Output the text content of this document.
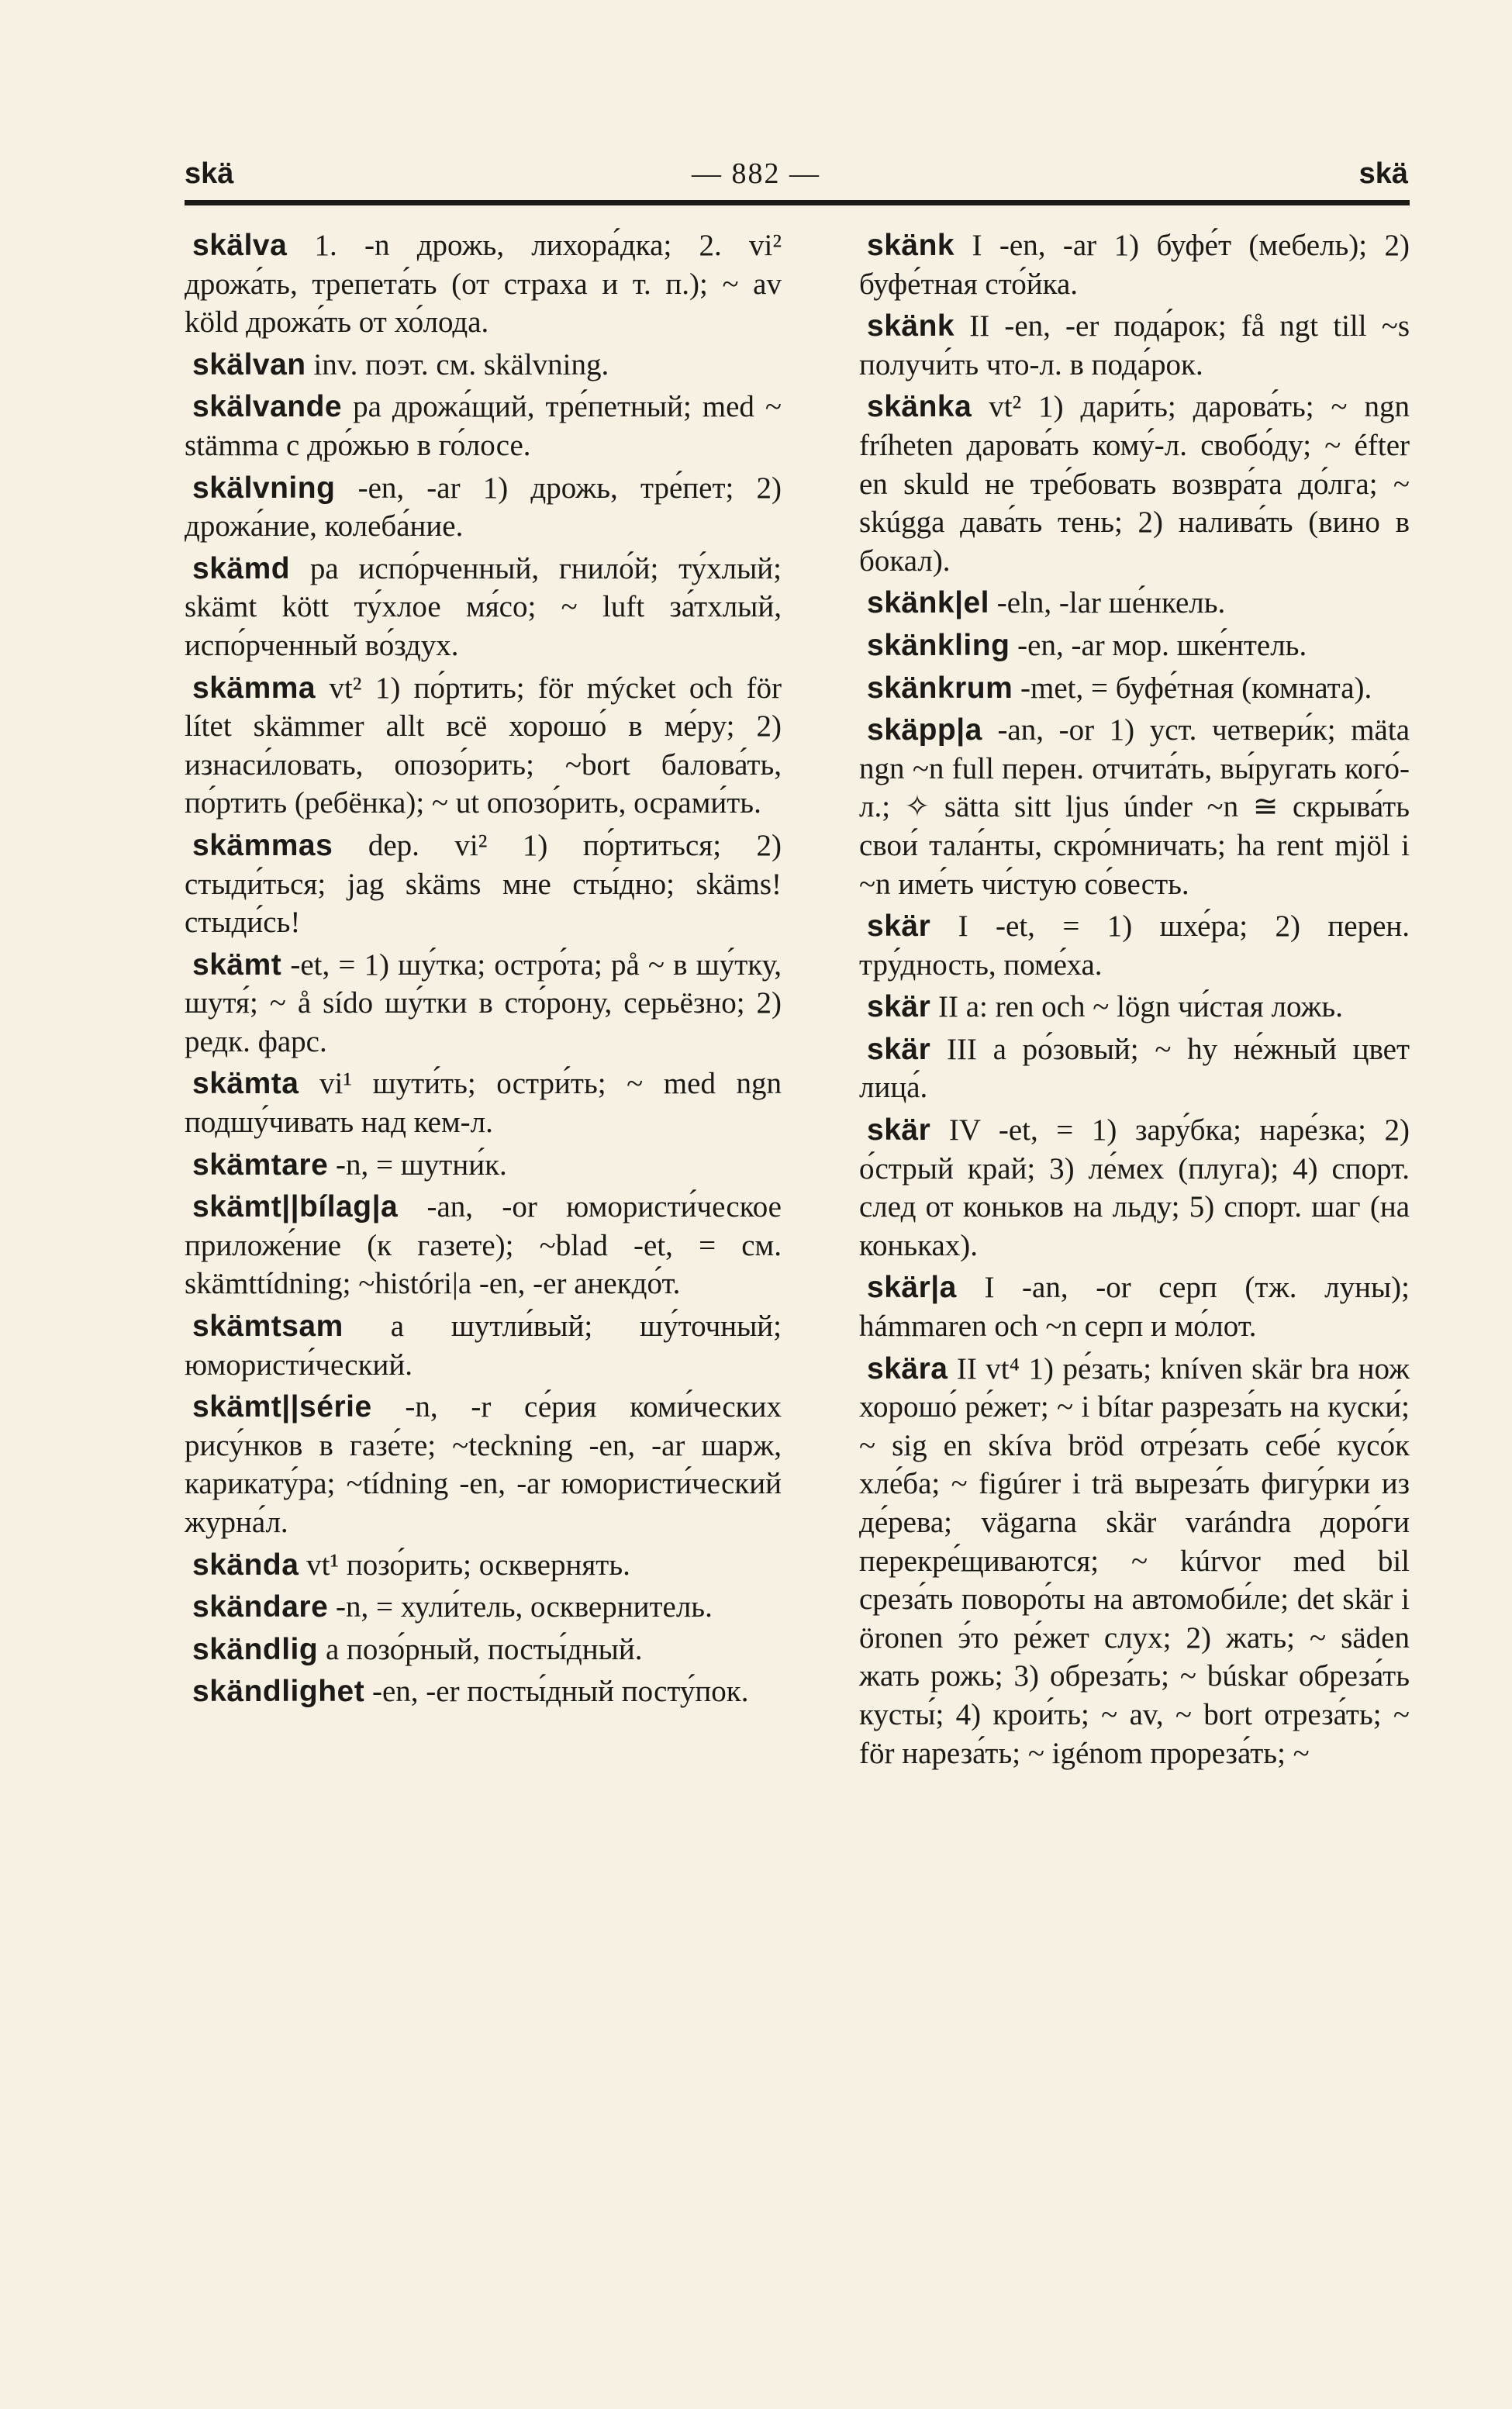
skä	— 882 —	skä

skälva 1. -n дрожь, лихора́дка; 2. vi² дрожа́ть, трепета́ть (от страха и т. п.); ~ av köld дрожа́ть от хо́лода.

skälvan inv. поэт. см. skälvning.

skälvande pa дрожа́щий, тре́петный; med ~ stämma с дро́жью в го́лосе.

skälvning -en, -ar 1) дрожь, тре́пет; 2) дрожа́ние, колеба́ние.

skämd pa испо́рченный, гнило́й; ту́хлый; skämt kött ту́хлое мя́со; ~ luft за́тхлый, испо́рченный во́здух.

skämma vt² 1) по́ртить; för mýcket och för lítet skämmer allt всё хорошо́ в ме́ру; 2) изнаси́ловать, опозо́рить; ~bort балова́ть, по́ртить (ребёнка); ~ ut опозо́рить, осрами́ть.

skämmas dep. vi² 1) по́ртиться; 2) стыди́ться; jag skäms мне сты́дно; skäms! стыди́сь!

skämt -et, = 1) шу́тка; остро́та; på ~ в шу́тку, шутя́; ~ å sído шу́тки в сто́рону, серьёзно; 2) редк. фарс.

skämta vi¹ шути́ть; остри́ть; ~ med ngn подшу́чивать над кем-л.

skämtare -n, = шутни́к.

skämt||bílag|a -an, -or юмористи́ческое приложе́ние (к газете); ~blad -et, = см. skämttídning; ~históri|a -en, -er анекдо́т.

skämtsam a шутли́вый; шу́точный; юмористи́ческий.

skämt||série -n, -r се́рия коми́ческих рису́нков в газе́те; ~teckning -en, -ar шарж, карикату́ра; ~tídning -en, -ar юмористи́ческий журна́л.

skända vt¹ позо́рить; осквернять.

skändare -n, = хули́тель, осквернитель.

skändlig a позо́рный, посты́дный.

skändlighet -en, -er посты́дный посту́пок.

skänk I -en, -ar 1) буфе́т (мебель); 2) буфе́тная сто́йка.

skänk II -en, -er пода́рок; få ngt till ~s получи́ть что-л. в пода́рок.

skänka vt² 1) дари́ть; дарова́ть; ~ ngn fríheten дарова́ть кому́-л. свобо́ду; ~ éfter en skuld не тре́бовать возвра́та до́лга; ~ skúgga дава́ть тень; 2) налива́ть (вино в бокал).

skänk|el -eln, -lar ше́нкель.

skänkling -en, -ar мор. шке́нтель.

skänkrum -met, = буфе́тная (комната).

skäpp|a -an, -or 1) уст. четвери́к; mäta ngn ~n full перен. отчита́ть, вы́ругать кого́-л.; ✧ sätta sitt ljus únder ~n ≅ скрыва́ть свои́ тала́нты, скро́мничать; ha rent mjöl i ~n име́ть чи́стую со́весть.

skär I -et, = 1) шхе́ра; 2) перен. тру́дность, поме́ха.

skär II a: ren och ~ lögn чи́стая ложь.

skär III a ро́зовый; ~ hy не́жный цвет лица́.

skär IV -et, = 1) зару́бка; наре́зка; 2) о́стрый край; 3) ле́мех (плуга); 4) спорт. след от коньков на льду; 5) спорт. шаг (на коньках).

skär|a I -an, -or серп (тж. луны); hámmaren och ~n серп и мо́лот.

skära II vt⁴ 1) ре́зать; kníven skär bra нож хорошо́ ре́жет; ~ i bítar разреза́ть на куски́; ~ sig en skíva bröd отре́зать себе́ кусо́к хле́ба; ~ figúrer i trä выреза́ть фигу́рки из де́рева; vägarna skär varándra доро́ги перекре́щиваются; ~ kúrvor med bil среза́ть поворо́ты на автомоби́ле; det skär i öronen э́то ре́жет слух; 2) жать; ~ säden жать рожь; 3) обреза́ть; ~ búskar обреза́ть кусты́; 4) крои́ть; ~ av, ~ bort отреза́ть; ~ för нареза́ть; ~ igénom прореза́ть; ~
